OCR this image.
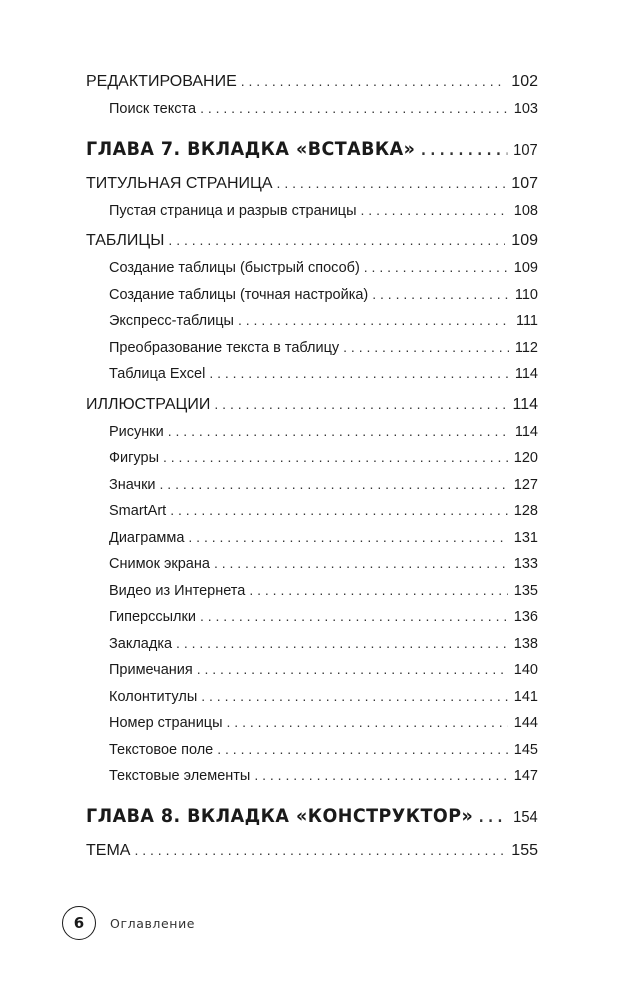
РЕДАКТИРОВАНИЕ . . .	102
Поиск текста . . .	103
ГЛАВА 7. ВКЛАДКА «ВСТАВКА» . . .	107
ТИТУЛЬНАЯ СТРАНИЦА . . .	107
Пустая страница и разрыв страницы . . .	108
ТАБЛИЦЫ . . .	109
Создание таблицы (быстрый способ) . . .	109
Создание таблицы (точная настройка) . . .	110
Экспресс-таблицы . . .	111
Преобразование текста в таблицу . . .	112
Таблица Excel . . .	114
ИЛЛЮСТРАЦИИ . . .	114
Рисунки . . .	114
Фигуры . . .	120
Значки . . .	127
SmartArt . . .	128
Диаграмма . . .	131
Снимок экрана . . .	133
Видео из Интернета . . .	135
Гиперссылки . . .	136
Закладка . . .	138
Примечания . . .	140
Колонтитулы . . .	141
Номер страницы . . .	144
Текстовое поле . . .	145
Текстовые элементы . . .	147
ГЛАВА 8. ВКЛАДКА «КОНСТРУКТОР» . . . 154
ТЕМА . . .	155
6	Оглавление
